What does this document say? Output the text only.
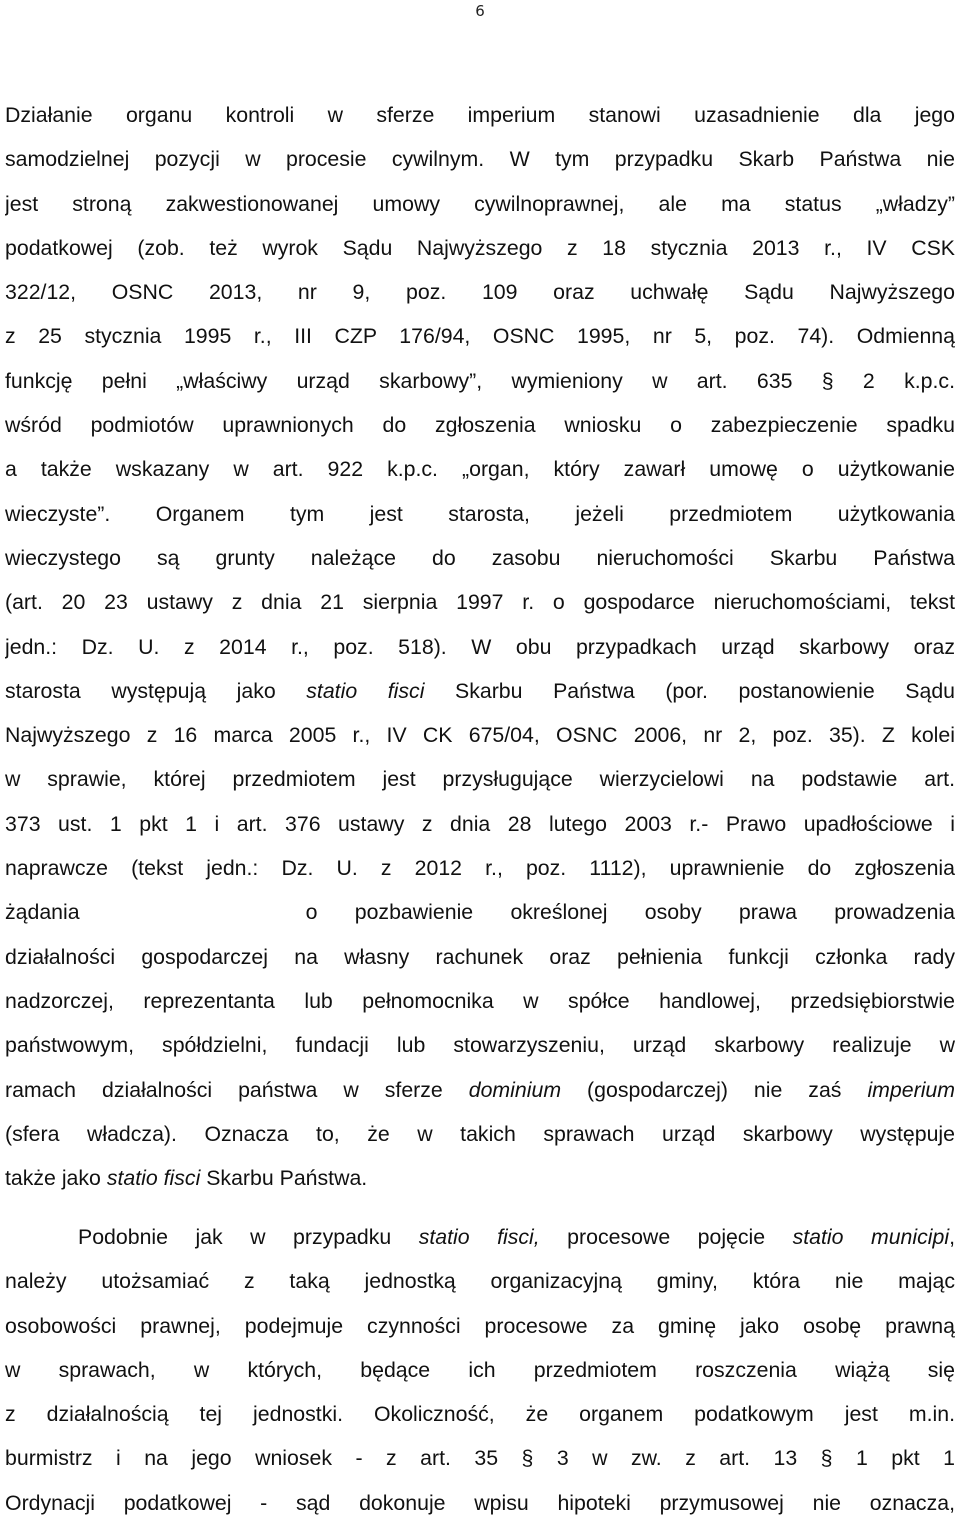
6
Działanie organu kontroli w sferze imperium stanowi uzasadnienie dla jego
samodzielnej pozycji w procesie cywilnym. W tym przypadku Skarb Państwa nie
jest stroną zakwestionowanej umowy cywilnoprawnej, ale ma status „władzy”
podatkowej (zob. też wyrok Sądu Najwyższego z 18 stycznia 2013 r., IV CSK
322/12, OSNC 2013, nr 9, poz. 109 oraz uchwałę Sądu Najwyższego
z 25 stycznia 1995 r., III CZP 176/94, OSNC 1995, nr 5, poz. 74). Odmienną
funkcję pełni „właściwy urząd skarbowy”, wymieniony w art. 635 § 2 k.p.c.
wśród podmiotów uprawnionych do zgłoszenia wniosku o zabezpieczenie spadku
a także wskazany w art. 922 k.p.c. „organ, który zawarł umowę o użytkowanie
wieczyste”. Organem tym jest starosta, jeżeli przedmiotem użytkowania
wieczystego są grunty należące do zasobu nieruchomości Skarbu Państwa
(art. 20 23 ustawy z dnia 21 sierpnia 1997 r. o gospodarce nieruchomościami, tekst
jedn.: Dz. U. z 2014 r., poz. 518). W obu przypadkach urząd skarbowy oraz
starosta występują jako statio fisci Skarbu Państwa (por. postanowienie Sądu
Najwyższego z 16 marca 2005 r., IV CK 675/04, OSNC 2006, nr 2, poz. 35). Z kolei
w sprawie, której przedmiotem jest przysługujące wierzycielowi na podstawie art.
373 ust. 1 pkt 1 i art. 376 ustawy z dnia 28 lutego 2003 r.- Prawo upadłościowe i
naprawcze (tekst jedn.: Dz. U. z 2012 r., poz. 1112), uprawnienie do zgłoszenia
żądania	o pozbawienie określonej osoby prawa prowadzenia
działalności gospodarczej na własny rachunek oraz pełnienia funkcji członka rady
nadzorczej, reprezentanta lub pełnomocnika w spółce handlowej, przedsiębiorstwie
państwowym, spółdzielni, fundacji lub stowarzyszeniu, urząd skarbowy realizuje w
ramach działalności państwa w sferze dominium (gospodarczej) nie zaś imperium
(sfera władcza). Oznacza to, że w takich sprawach urząd skarbowy występuje
także jako statio fisci Skarbu Państwa.
Podobnie jak w przypadku statio fisci, procesowe pojęcie statio municipi,
należy utożsamiać z taką jednostką organizacyjną gminy, która nie mając
osobowości prawnej, podejmuje czynności procesowe za gminę jako osobę prawną
w sprawach, w których, będące ich przedmiotem roszczenia wiążą się
z działalnością tej jednostki. Okoliczność, że organem podatkowym jest m.in.
burmistrz i na jego wniosek - z art. 35 § 3 w zw. z art. 13 § 1 pkt 1
Ordynacji podatkowej - sąd dokonuje wpisu hipoteki przymusowej nie oznacza,
